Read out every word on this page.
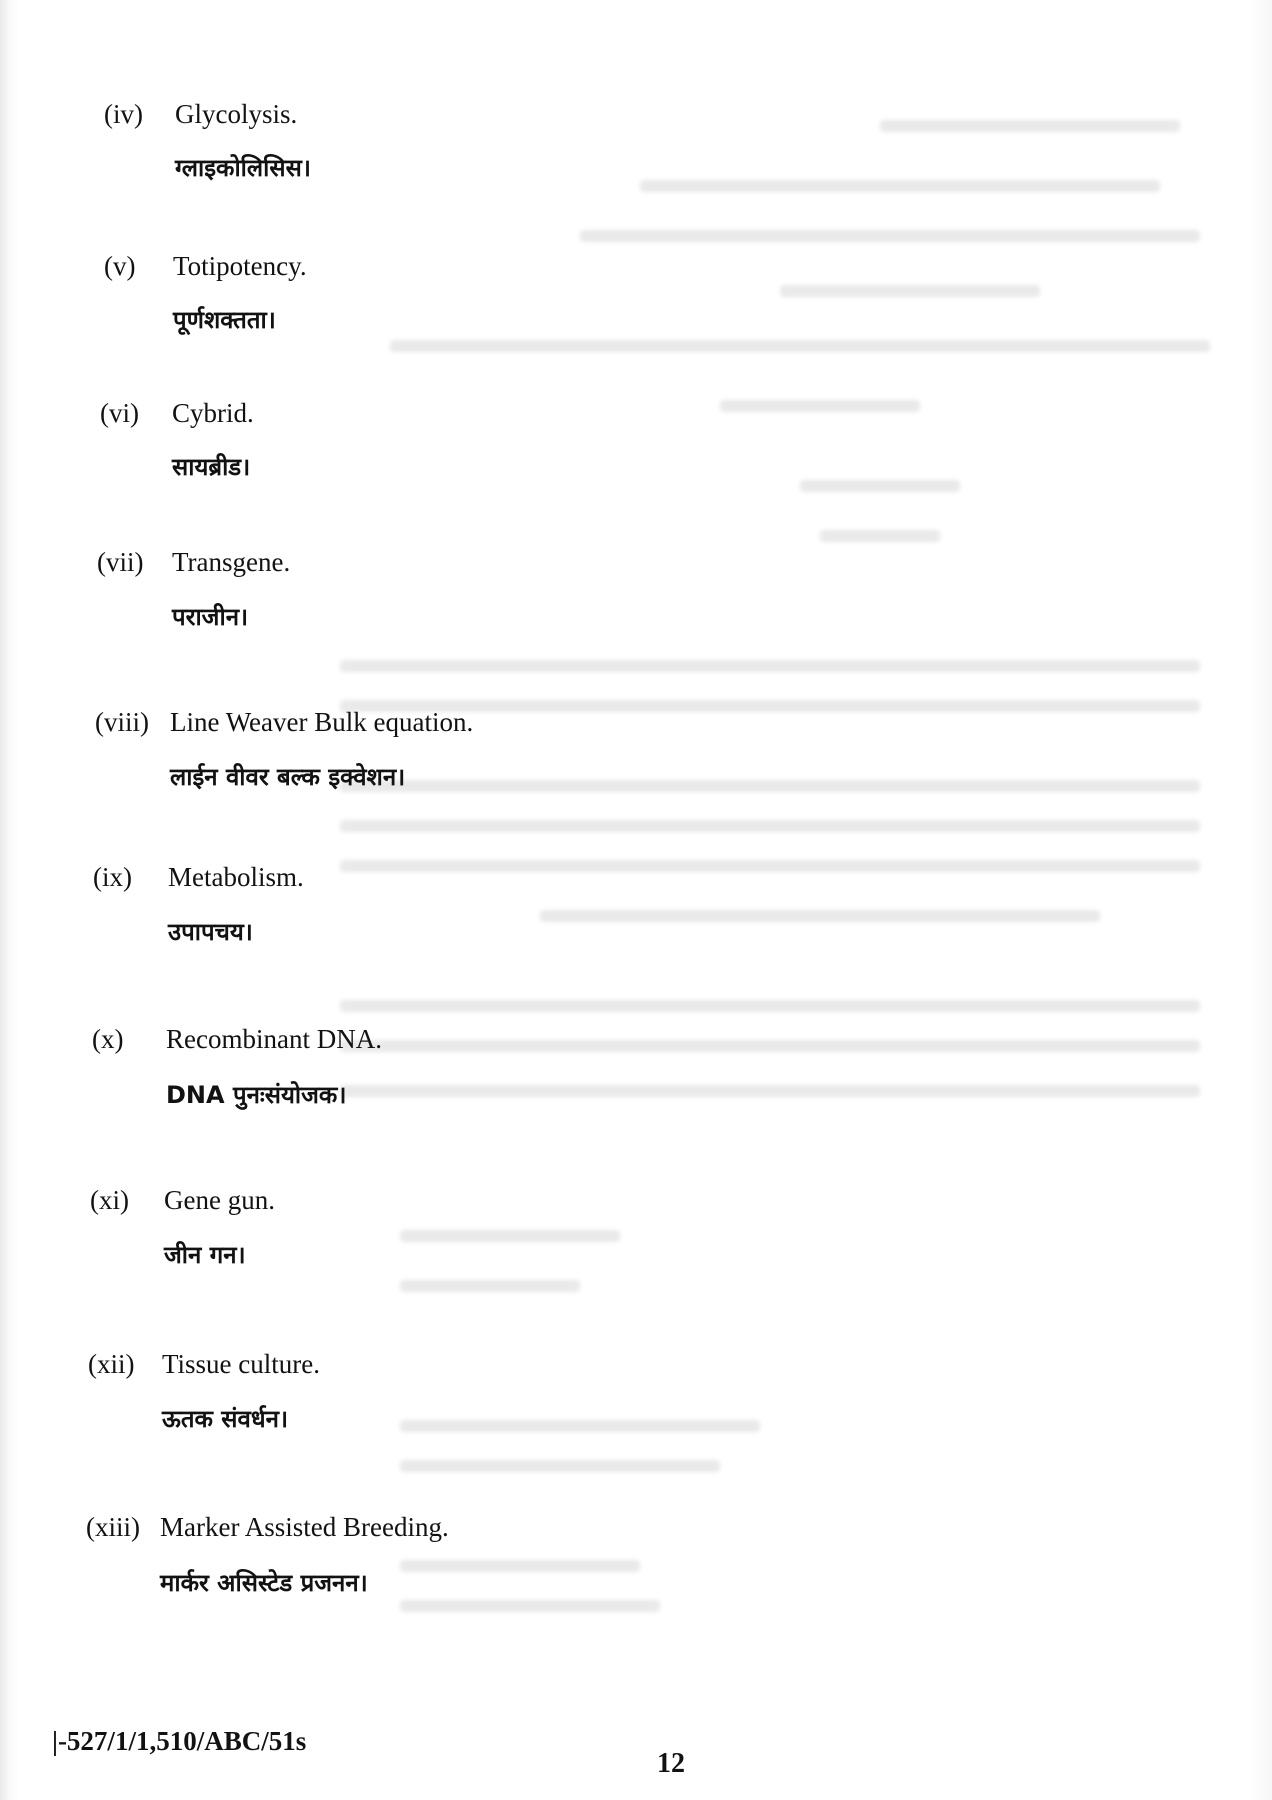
(iv) Glycolysis.
ग्लाइकोलिसिस।
(v) Totipotency.
पूर्णशक्तता।
(vi) Cybrid.
सायब्रीड।
(vii) Transgene.
पराजीन।
(viii) Line Weaver Bulk equation.
लाईन वीवर बल्क इक्वेशन।
(ix) Metabolism.
उपापचय।
(x) Recombinant DNA.
DNA पुनःसंयोजक।
(xi) Gene gun.
जीन गन।
(xii) Tissue culture.
ऊतक संवर्धन।
(xiii) Marker Assisted Breeding.
मार्कर असिस्टेड प्रजनन।
|-527/1/1,510/ABC/51s
12
